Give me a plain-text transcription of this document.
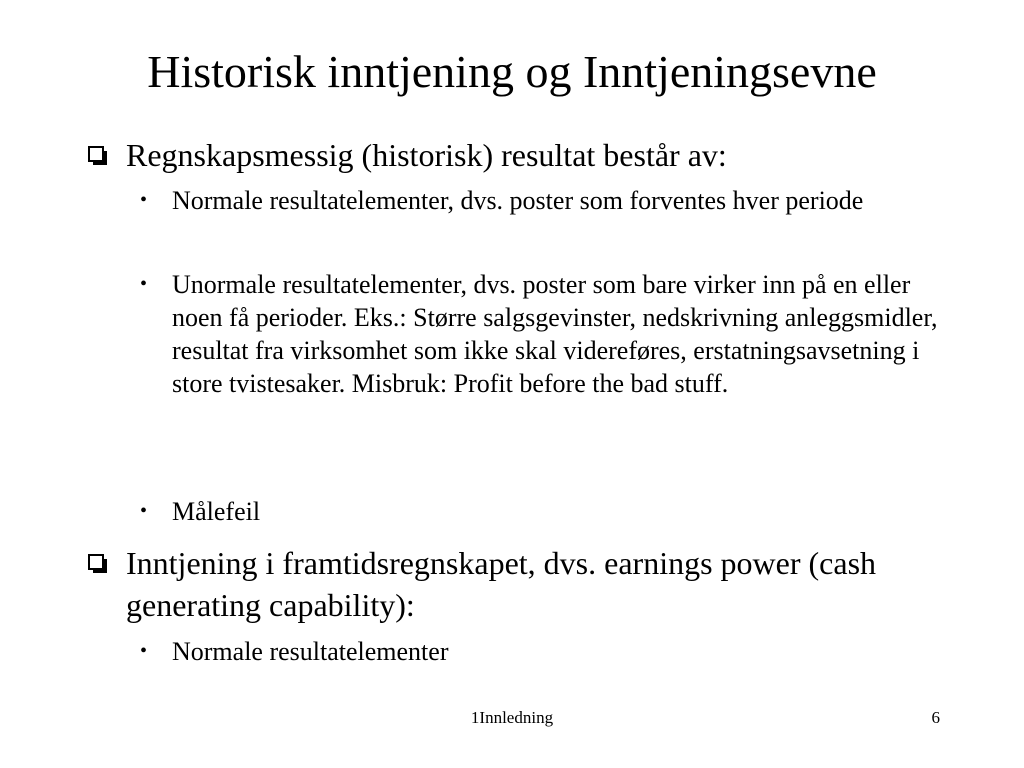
Historisk inntjening og Inntjeningsevne
Regnskapsmessig (historisk) resultat består av:
• Normale resultatelementer, dvs. poster som forventes hver periode
• Unormale resultatelementer, dvs. poster som bare virker inn på en eller noen få perioder. Eks.: Større salgsgevinster, nedskrivning anleggsmidler, resultat fra virksomhet som ikke skal videreføres, erstatningsavsetning i store tvistesaker. Misbruk: Profit before the bad stuff.
• Målefeil
Inntjening i framtidsregnskapet, dvs. earnings power (cash generating capability):
• Normale resultatelementer
1Innledning	6
